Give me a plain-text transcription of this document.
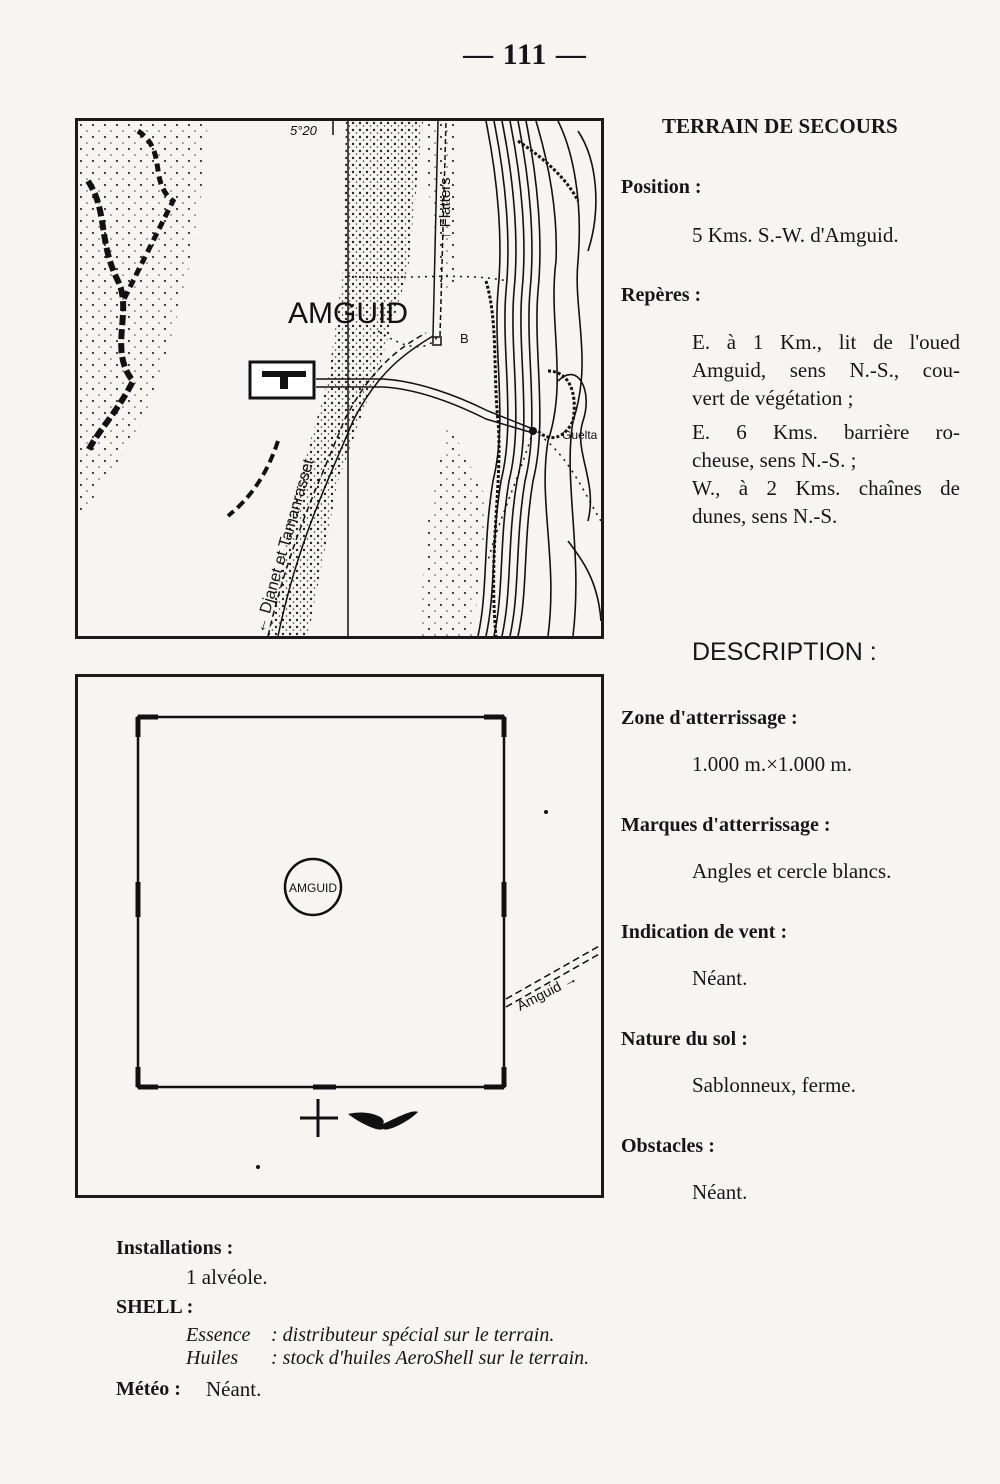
— 111 —
5°20
AMGUID
B
Guelta
← Djanet et Tamanrasset
↑ Flatters
AMGUID
Amguid →
TERRAIN DE SECOURS
Position :
5 Kms. S.-W. d'Amguid.
Repères :
E. à 1 Km., lit de l'oued
Amguid, sens N.-S., cou-
vert de végétation ;
E. 6 Kms. barrière ro-
cheuse, sens N.-S. ;
W., à 2 Kms. chaînes de
dunes, sens N.-S.
DESCRIPTION :
Zone d'atterrissage :
1.000 m.×1.000 m.
Marques d'atterrissage :
Angles et cercle blancs.
Indication de vent :
Néant.
Nature du sol :
Sablonneux, ferme.
Obstacles :
Néant.
Installations :
1 alvéole.
SHELL :
Essence : distributeur spécial sur le terrain.
Huiles : stock d'huiles AeroShell sur le terrain.
Météo : Néant.
